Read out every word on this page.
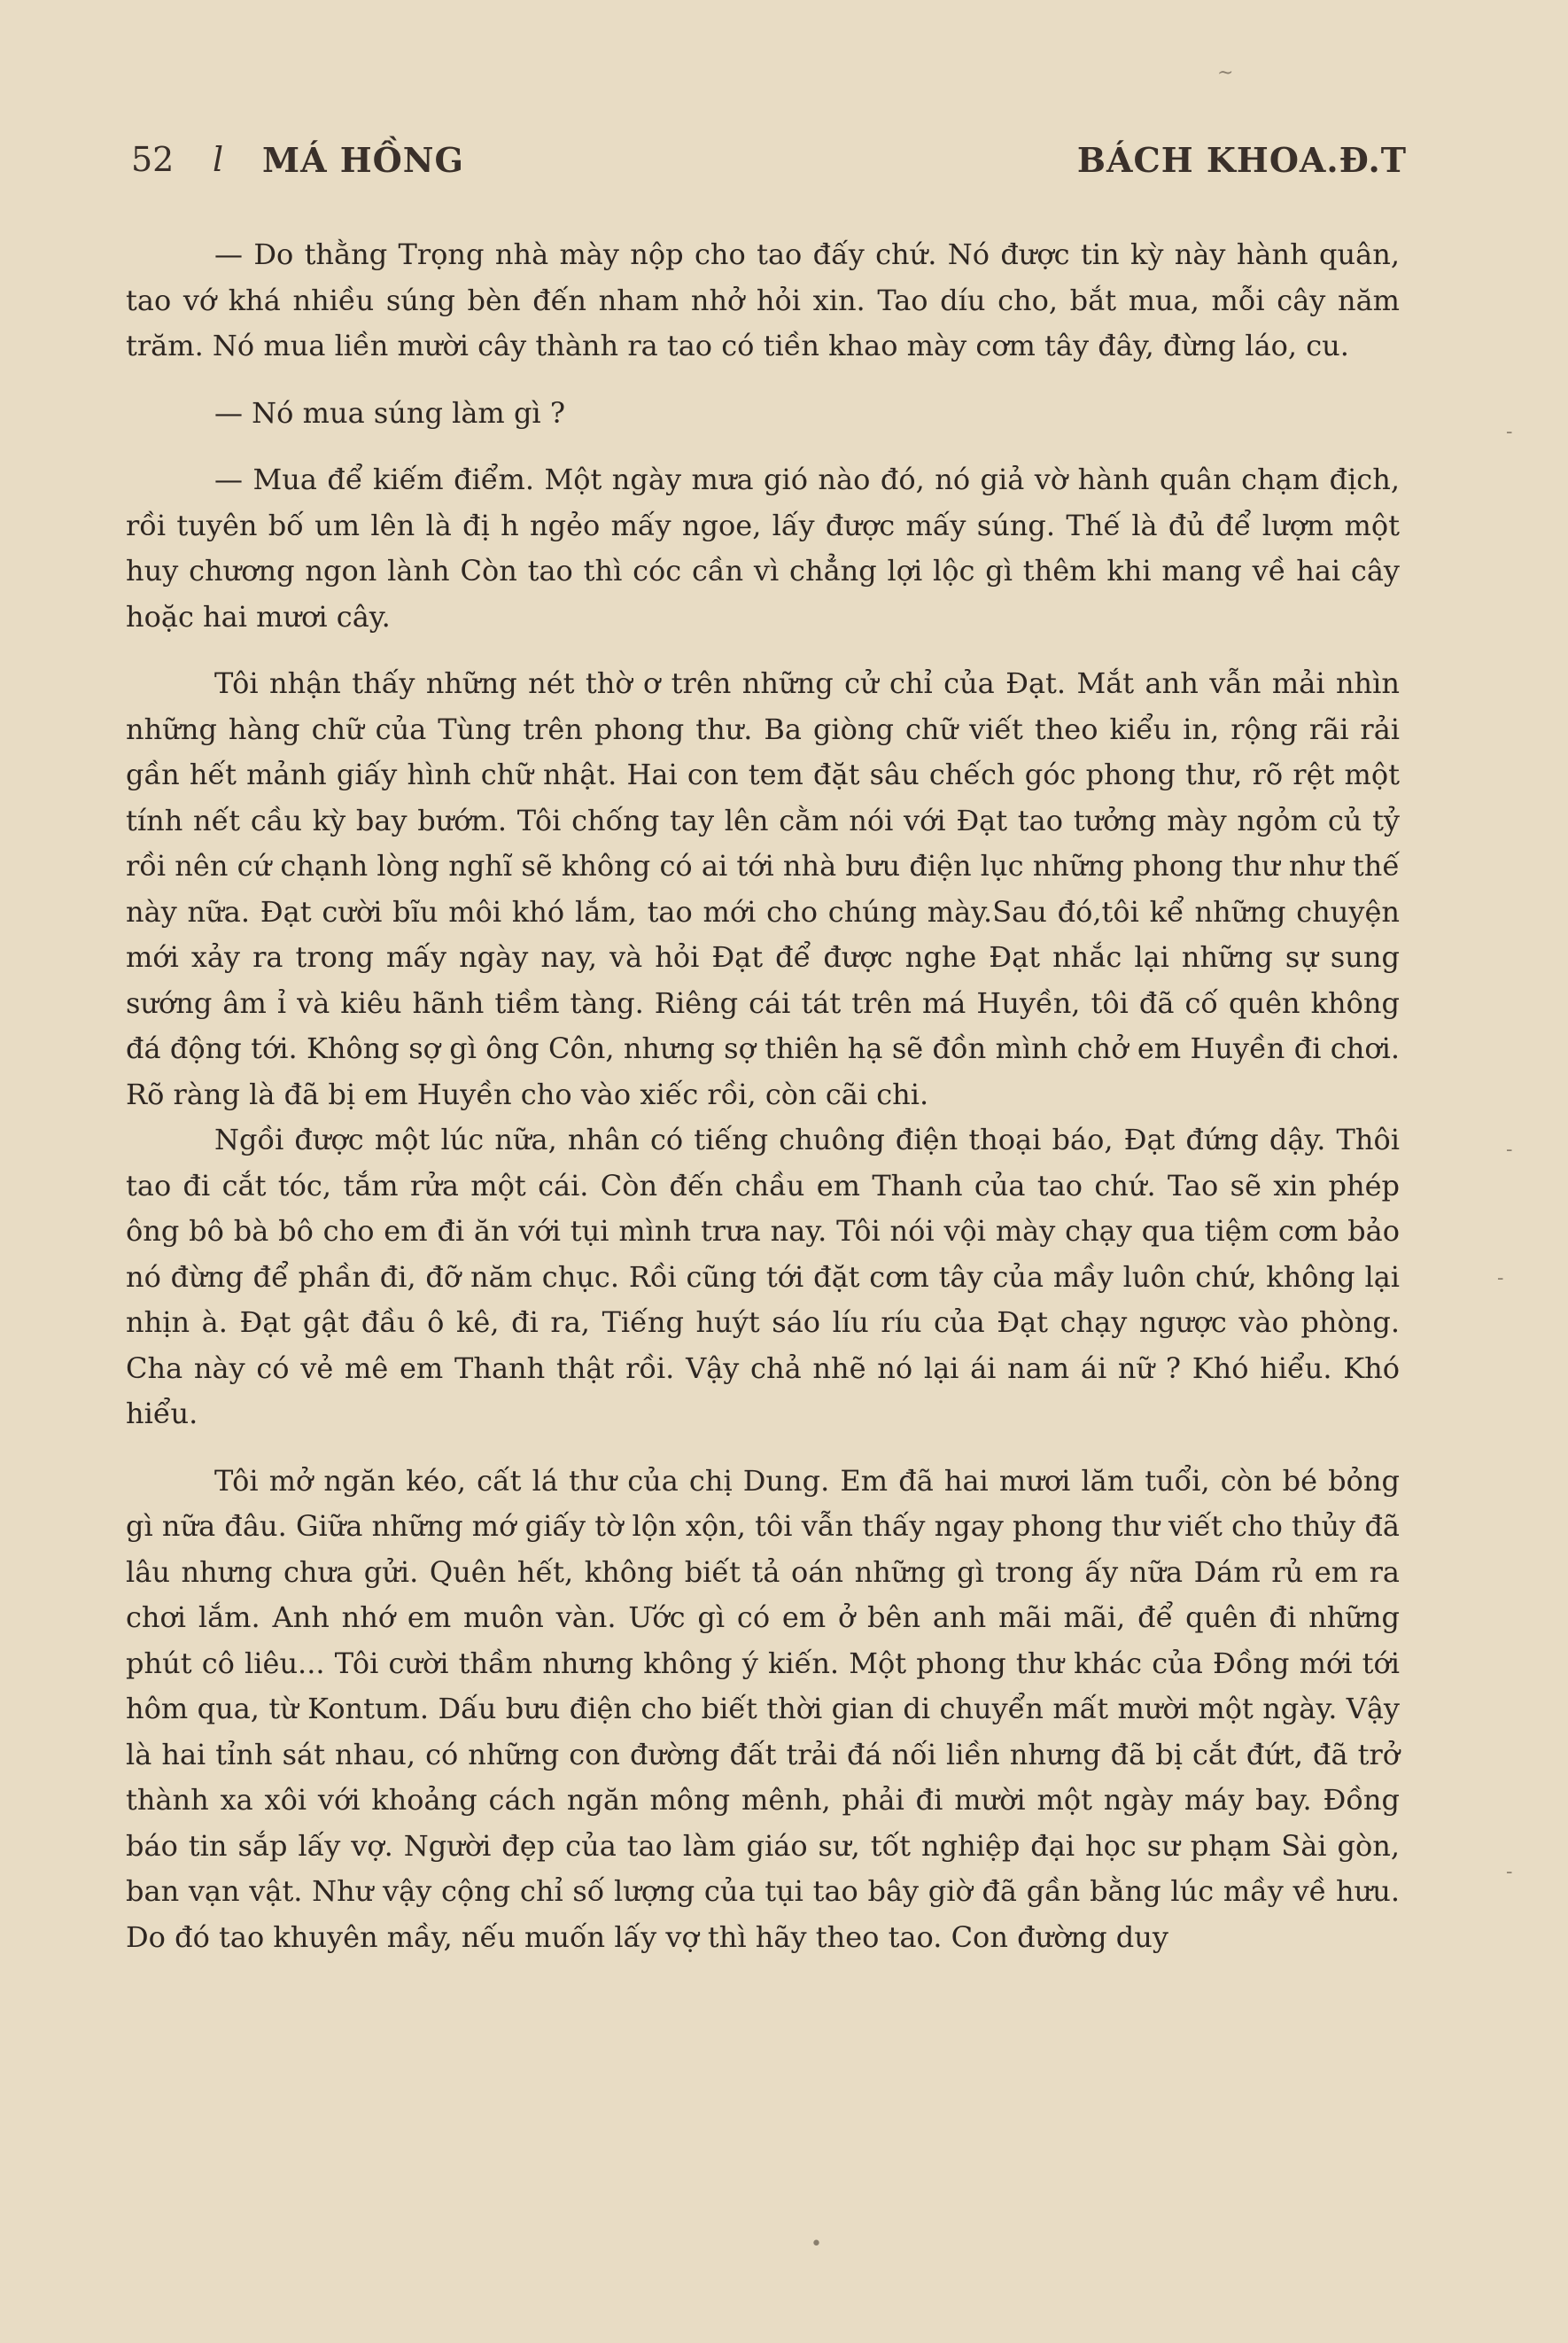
52 l MÁ HỒNG	BÁCH KHOA.Đ.T

— Do thằng Trọng nhà mày nộp cho tao đấy chứ. Nó được tin kỳ này hành quân, tao vớ khá nhiều súng bèn đến nham nhở hỏi xin. Tao díu cho, bắt mua, mỗi cây năm trăm. Nó mua liền mười cây thành ra tao có tiền khao mày cơm tây đây, đừng láo, cu.

— Nó mua súng làm gì ?

— Mua để kiếm điểm. Một ngày mưa gió nào đó, nó giả vờ hành quân chạm địch, rồi tuyên bố um lên là đị h ngẻo mấy ngoe, lấy được mấy súng. Thế là đủ để lượm một huy chương ngon lành Còn tao thì cóc cần vì chẳng lợi lộc gì thêm khi mang về hai cây hoặc hai mươi cây.

Tôi nhận thấy những nét thờ ơ trên những cử chỉ của Đạt. Mắt anh vẫn mải nhìn những hàng chữ của Tùng trên phong thư. Ba giòng chữ viết theo kiểu in, rộng rãi rải gần hết mảnh giấy hình chữ nhật. Hai con tem đặt sâu chếch góc phong thư, rõ rệt một tính nết cầu kỳ bay bướm. Tôi chống tay lên cằm nói với Đạt tao tưởng mày ngỏm củ tỷ rồi nên cứ chạnh lòng nghĩ sẽ không có ai tới nhà bưu điện lục những phong thư như thế này nữa. Đạt cười bĩu môi khó lắm, tao mới cho chúng mày.Sau đó,tôi kể những chuyện mới xảy ra trong mấy ngày nay, và hỏi Đạt để được nghe Đạt nhắc lại những sự sung sướng âm ỉ và kiêu hãnh tiềm tàng. Riêng cái tát trên má Huyền, tôi đã cố quên không đá động tới. Không sợ gì ông Côn, nhưng sợ thiên hạ sẽ đồn mình chở em Huyền đi chơi. Rõ ràng là đã bị em Huyền cho vào xiếc rồi, còn cãi chi.

Ngồi được một lúc nữa, nhân có tiếng chuông điện thoại báo, Đạt đứng dậy. Thôi tao đi cắt tóc, tắm rửa một cái. Còn đến chầu em Thanh của tao chứ. Tao sẽ xin phép ông bô bà bô cho em đi ăn với tụi mình trưa nay. Tôi nói vội mày chạy qua tiệm cơm bảo nó đừng để phần đi, đỡ năm chục. Rồi cũng tới đặt cơm tây của mầy luôn chứ, không lại nhịn à. Đạt gật đầu ô kê, đi ra, Tiếng huýt sáo líu ríu của Đạt chạy ngược vào phòng. Cha này có vẻ mê em Thanh thật rồi. Vậy chả nhẽ nó lại ái nam ái nữ ? Khó hiểu. Khó hiểu.

Tôi mở ngăn kéo, cất lá thư của chị Dung. Em đã hai mươi lăm tuổi, còn bé bỏng gì nữa đâu. Giữa những mớ giấy tờ lộn xộn, tôi vẫn thấy ngay phong thư viết cho thủy đã lâu nhưng chưa gửi. Quên hết, không biết tả oán những gì trong ấy nữa Dám rủ em ra chơi lắm. Anh nhớ em muôn vàn. Ước gì có em ở bên anh mãi mãi, để quên đi những phút cô liêu... Tôi cười thầm nhưng không ý kiến. Một phong thư khác của Đồng mới tới hôm qua, từ Kontum. Dấu bưu điện cho biết thời gian di chuyển mất mười một ngày. Vậy là hai tỉnh sát nhau, có những con đường đất trải đá nối liền nhưng đã bị cắt đứt, đã trở thành xa xôi với khoảng cách ngăn mông mênh, phải đi mười một ngày máy bay. Đồng báo tin sắp lấy vợ. Người đẹp của tao làm giáo sư, tốt nghiệp đại học sư phạm Sài gòn, ban vạn vật. Như vậy cộng chỉ số lượng của tụi tao bây giờ đã gần bằng lúc mầy về hưu. Do đó tao khuyên mầy, nếu muốn lấy vợ thì hãy theo tao. Con đường duy

~
-
-
-
-
•
